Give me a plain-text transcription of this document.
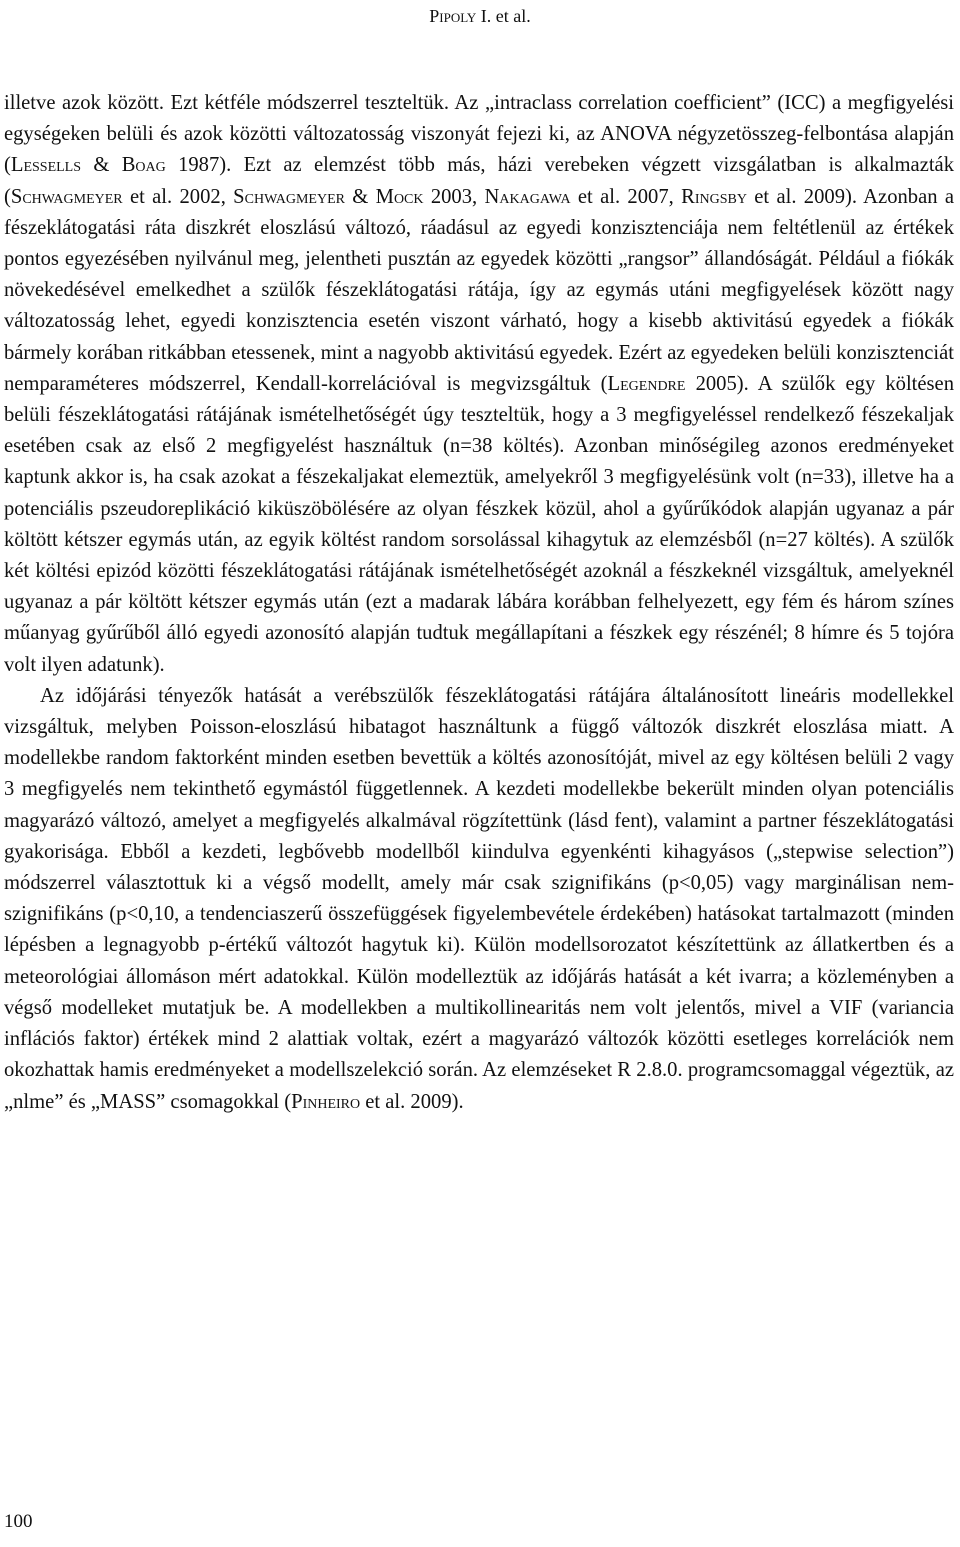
Pipoly I. et al.

illetve azok között. Ezt kétféle módszerrel teszteltük. Az „intraclass correlation coefficient” (ICC) a megfigyelési egységeken belüli és azok közötti változatosság viszonyát fejezi ki, az ANOVA négyzetösszeg-felbontása alapján (Lessells & Boag 1987). Ezt az elemzést több más, házi verebeken végzett vizsgálatban is alkalmazták (Schwagmeyer et al. 2002, Schwagmeyer & Mock 2003, Nakagawa et al. 2007, Ringsby et al. 2009). Azonban a fészeklátogatási ráta diszkrét eloszlású változó, ráadásul az egyedi konzisztenciája nem feltétlenül az értékek pontos egyezésében nyilvánul meg, jelentheti pusztán az egyedek közötti „rangsor” állandóságát. Például a fiókák növekedésével emelkedhet a szülők fészeklátogatási rátája, így az egymás utáni megfigyelések között nagy változatosság lehet, egyedi konzisztencia esetén viszont várható, hogy a kisebb aktivitású egyedek a fiókák bármely korában ritkábban etessenek, mint a nagyobb aktivitású egyedek. Ezért az egyedeken belüli konzisztenciát nemparaméteres módszerrel, Kendall-korrelációval is megvizsgáltuk (Legendre 2005). A szülők egy költésen belüli fészeklátogatási rátájának ismételhetőségét úgy teszteltük, hogy a 3 megfigyeléssel rendelkező fészekaljak esetében csak az első 2 megfigyelést használtuk (n=38 költés). Azonban minőségileg azonos eredményeket kaptunk akkor is, ha csak azokat a fészekaljakat elemeztük, amelyekről 3 megfigyelésünk volt (n=33), illetve ha a potenciális pszeudoreplikáció kiküszöbölésére az olyan fészkek közül, ahol a gyűrűkódok alapján ugyanaz a pár költött kétszer egymás után, az egyik költést random sorsolással kihagytuk az elemzésből (n=27 költés). A szülők két költési epizód közötti fészeklátogatási rátájának ismételhetőségét azoknál a fészkeknél vizsgáltuk, amelyeknél ugyanaz a pár költött kétszer egymás után (ezt a madarak lábára korábban felhelyezett, egy fém és három színes műanyag gyűrűből álló egyedi azonosító alapján tudtuk megállapítani a fészkek egy részénél; 8 hímre és 5 tojóra volt ilyen adatunk).

Az időjárási tényezők hatását a verébszülők fészeklátogatási rátájára általánosított lineáris modellekkel vizsgáltuk, melyben Poisson-eloszlású hibatagot használtunk a függő változók diszkrét eloszlása miatt. A modellekbe random faktorként minden esetben bevettük a költés azonosítóját, mivel az egy költésen belüli 2 vagy 3 megfigyelés nem tekinthető egymástól függetlennek. A kezdeti modellekbe bekerült minden olyan potenciális magyarázó változó, amelyet a megfigyelés alkalmával rögzítettünk (lásd fent), valamint a partner fészeklátogatási gyakorisága. Ebből a kezdeti, legbővebb modellből kiindulva egyenkénti kihagyásos („stepwise selection”) módszerrel választottuk ki a végső modellt, amely már csak szignifikáns (p<0,05) vagy marginálisan nem-szignifikáns (p<0,10, a tendenciaszerű összefüggések figyelembevétele érdekében) hatásokat tartalmazott (minden lépésben a legnagyobb p-értékű változót hagytuk ki). Külön modellsorozatot készítettünk az állatkertben és a meteorológiai állomáson mért adatokkal. Külön modelleztük az időjárás hatását a két ivarra; a közleményben a végső modelleket mutatjuk be. A modellekben a multikollinearitás nem volt jelentős, mivel a VIF (variancia inflációs faktor) értékek mind 2 alattiak voltak, ezért a magyarázó változók közötti esetleges korrelációk nem okozhattak hamis eredményeket a modellszelekció során. Az elemzéseket R 2.8.0. programcsomaggal végeztük, az „nlme” és „MASS” csomagokkal (Pinheiro et al. 2009).

100
